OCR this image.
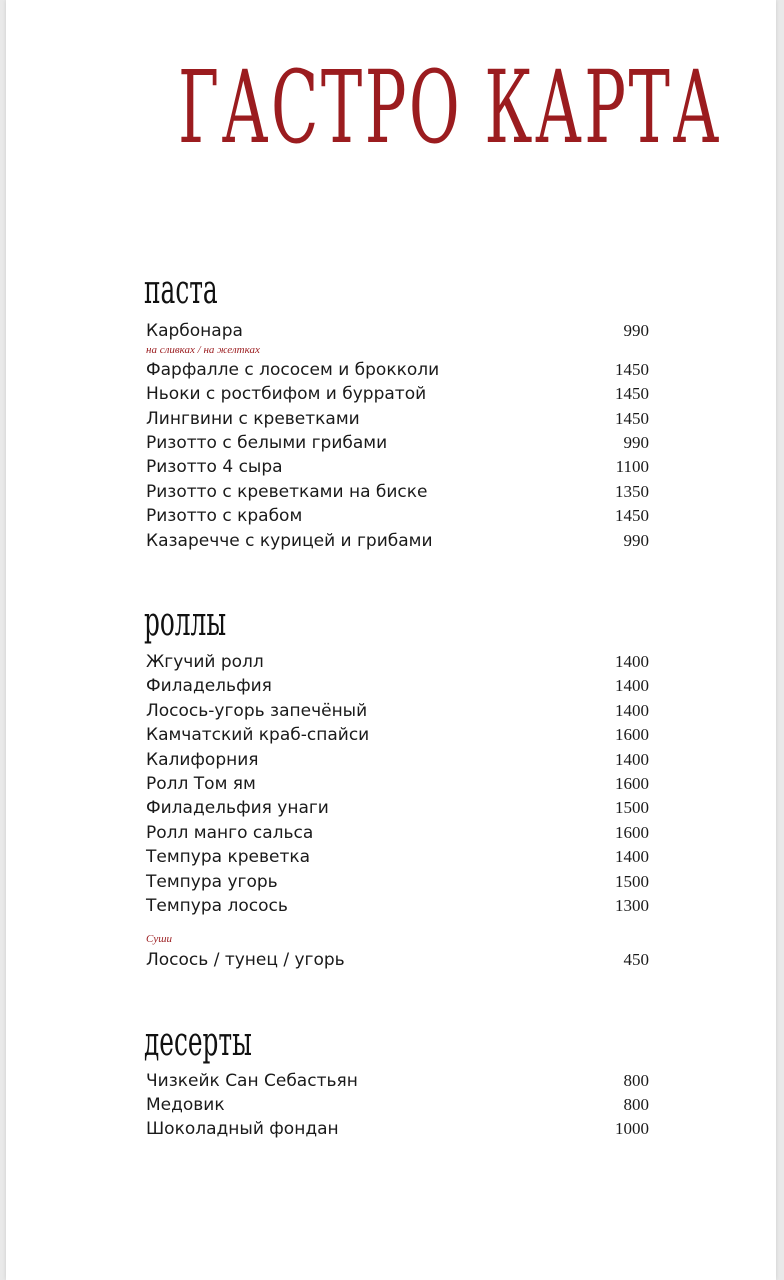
ГАСТРО КАРТА
паста
Карбонара	990
на сливках / на желтках
Фарфалле с лососем и брокколи	1450
Ньоки с ростбифом и бурратой	1450
Лингвини с креветками	1450
Ризотто с белыми грибами	990
Ризотто 4 сыра	1100
Ризотто с креветками на биске	1350
Ризотто с крабом	1450
Казаречче с курицей и грибами	990
роллы
Жгучий ролл	1400
Филадельфия	1400
Лосось-угорь запечёный	1400
Камчатский краб-спайси	1600
Калифорния	1400
Ролл Том ям	1600
Филадельфия унаги	1500
Ролл манго сальса	1600
Темпура креветка	1400
Темпура угорь	1500
Темпура лосось	1300
Суши
Лосось / тунец / угорь	450
десерты
Чизкейк Сан Себастьян	800
Медовик	800
Шоколадный фондан	1000
